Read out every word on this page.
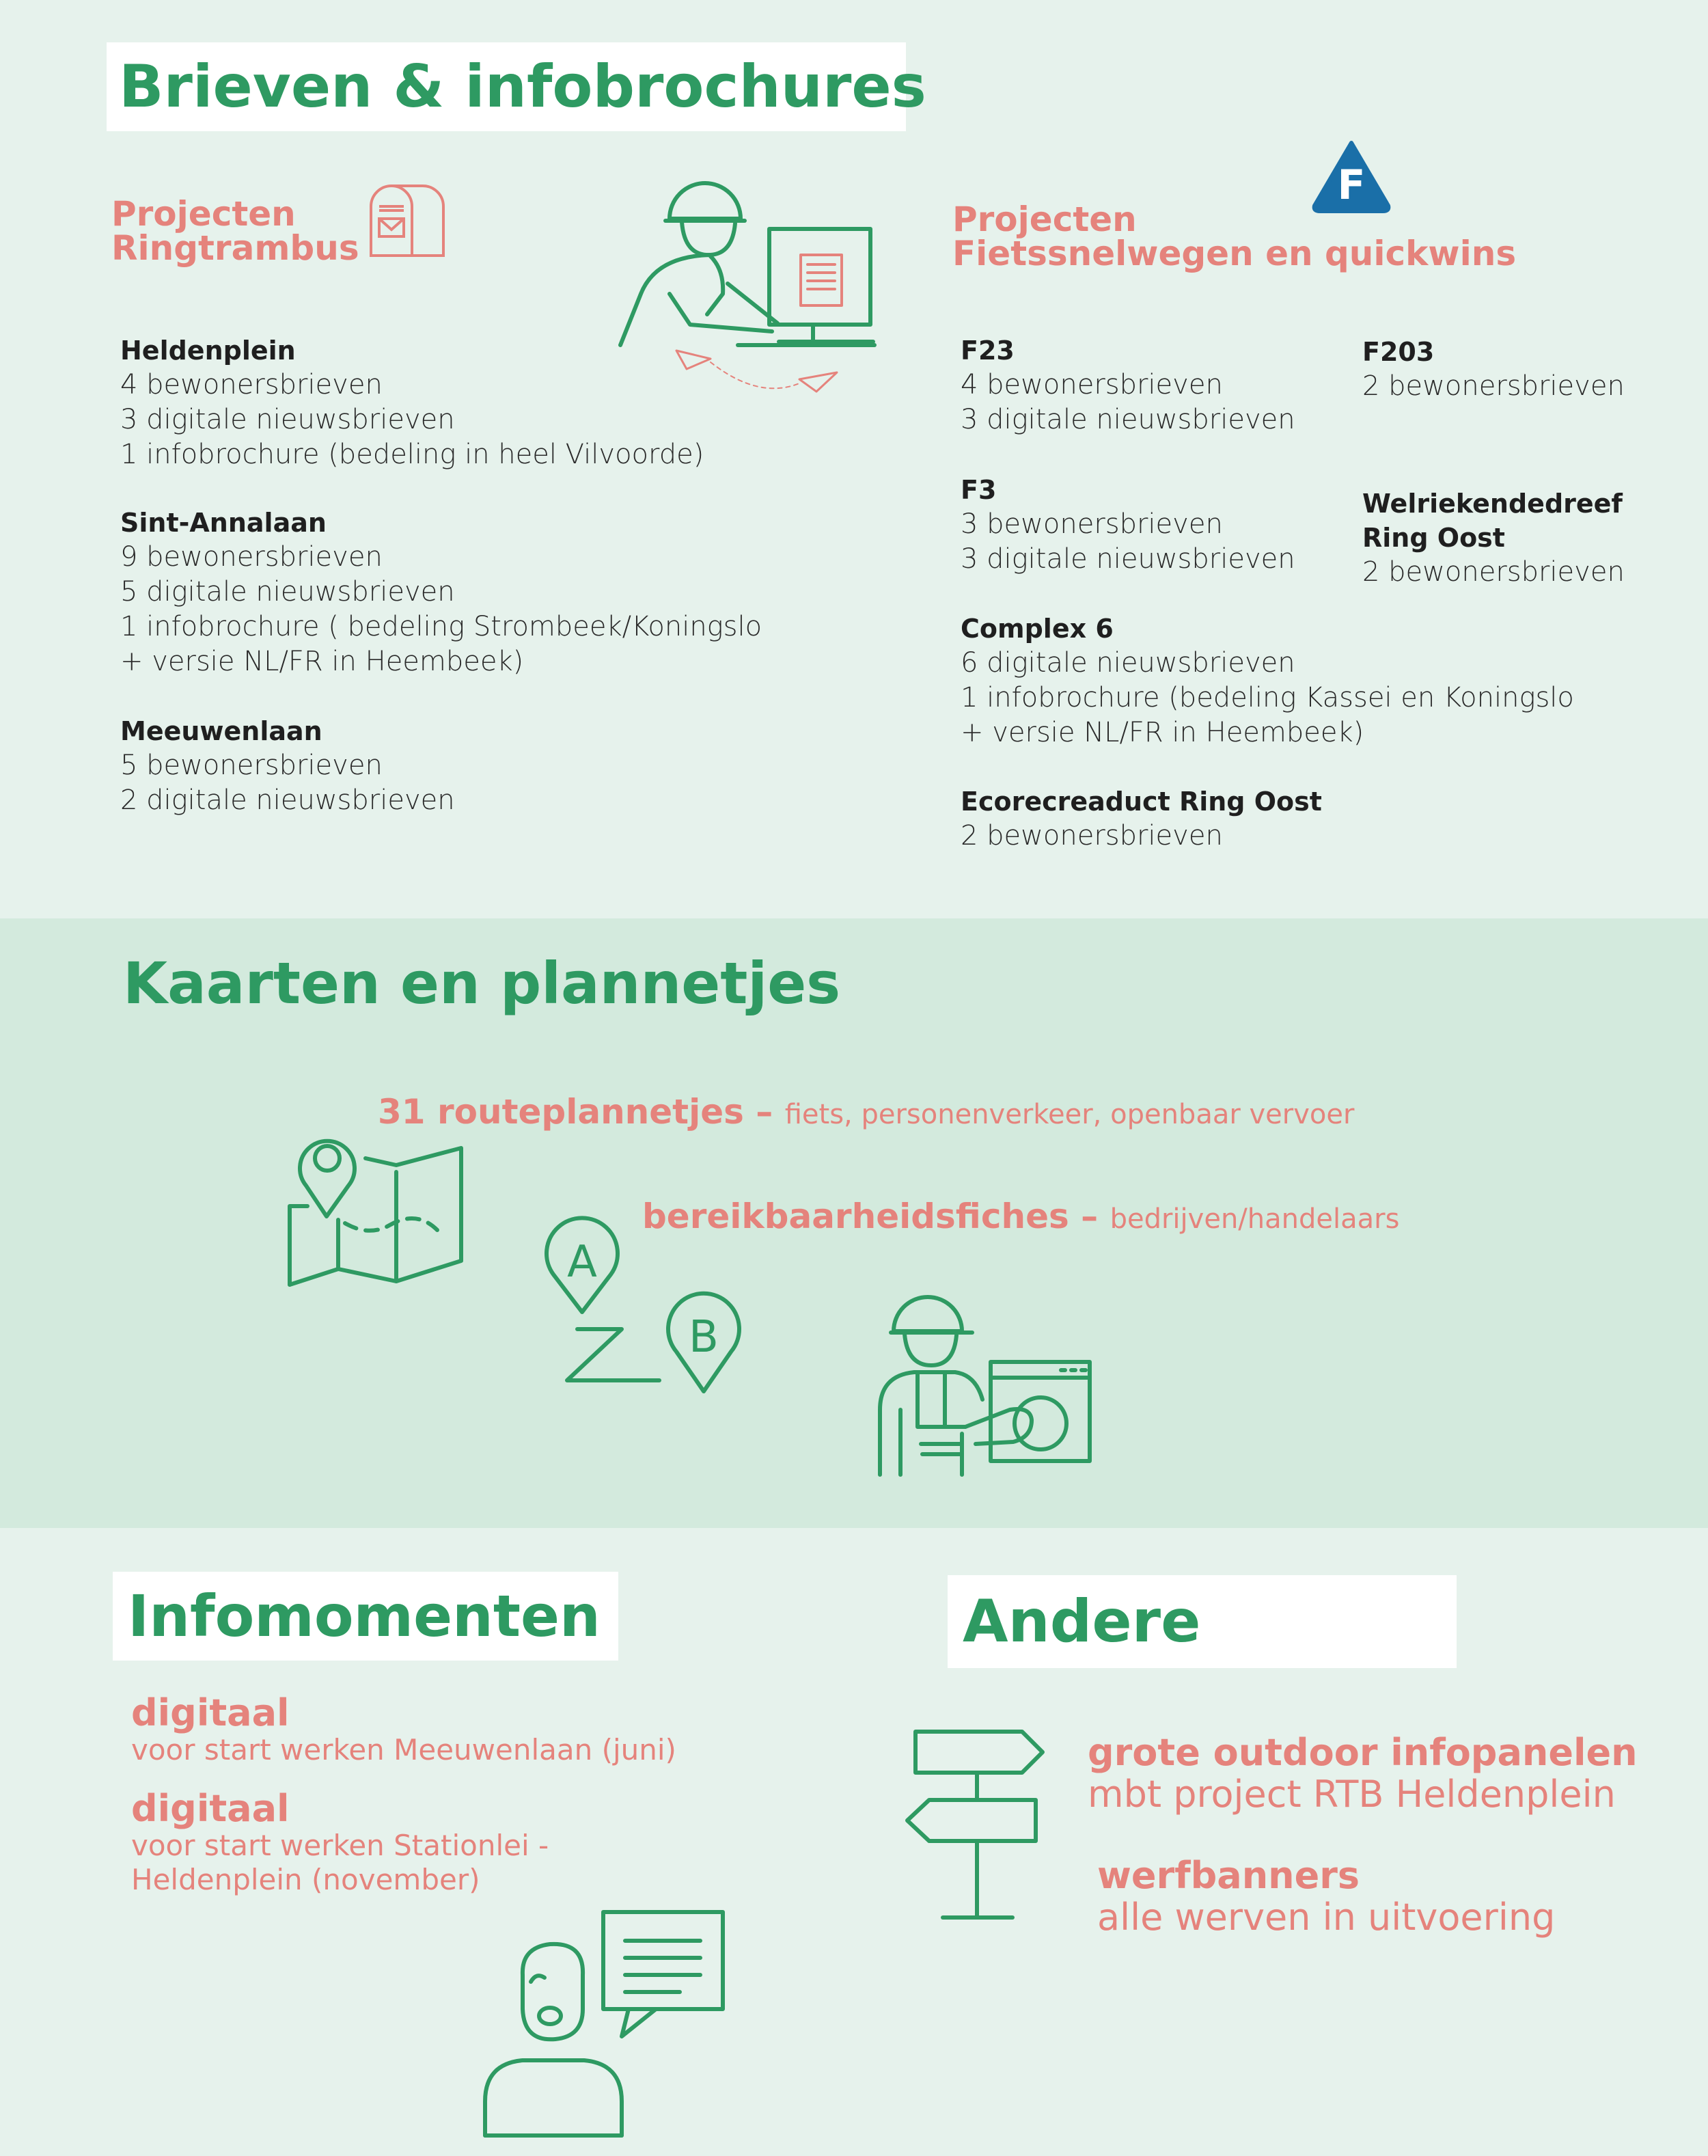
Brieven & infobrochures
Projecten
Ringtrambus
Heldenplein
4 bewonersbrieven
3 digitale nieuwsbrieven
1 infobrochure (bedeling in heel Vilvoorde)
Sint-Annalaan
9 bewonersbrieven
5 digitale nieuwsbrieven
1 infobrochure ( bedeling Strombeek/Koningslo
+ versie NL/FR in Heembeek)
Meeuwenlaan
5 bewonersbrieven
2 digitale nieuwsbrieven
F
Projecten
Fietssnelwegen en quickwins
F23
4 bewonersbrieven
3 digitale nieuwsbrieven
F3
3 bewonersbrieven
3 digitale nieuwsbrieven
Complex 6
6 digitale nieuwsbrieven
1 infobrochure (bedeling Kassei en Koningslo
+ versie NL/FR in Heembeek)
Ecorecreaduct Ring Oost
2 bewonersbrieven
F203
2 bewonersbrieven
Welriekendedreef
Ring Oost
2 bewonersbrieven
Kaarten en plannetjes
31 routeplannetjes – fiets, personenverkeer, openbaar vervoer
bereikbaarheidsfiches – bedrijven/handelaars
A
B
Infomomenten
digitaal
voor start werken Meeuwenlaan (juni)
digitaal
voor start werken Stationlei -
Heldenplein (november)
Andere
grote outdoor infopanelen
mbt project RTB Heldenplein
werfbanners
alle werven in uitvoering
